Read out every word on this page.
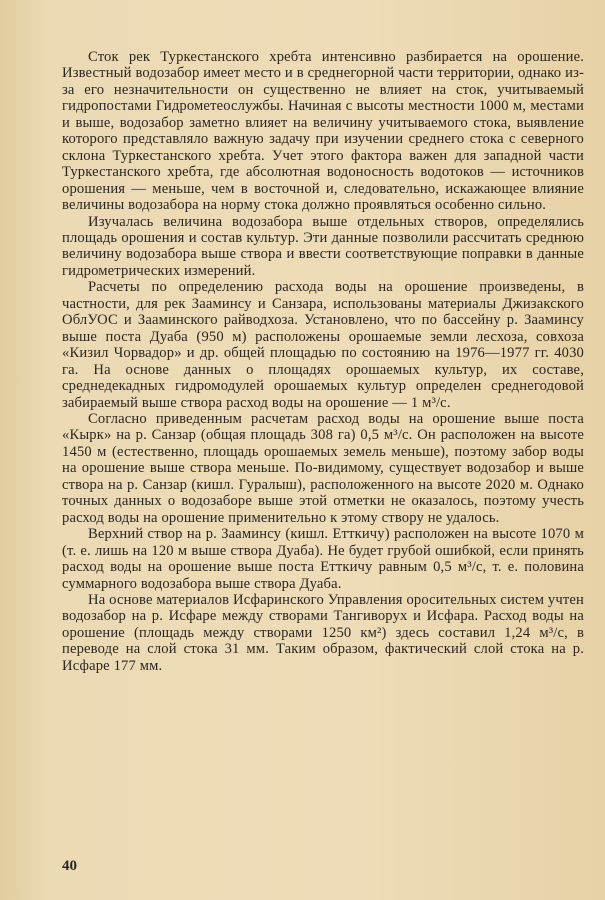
Сток рек Туркестанского хребта интенсивно разбирается на орошение. Известный водозабор имеет место и в среднегорной части территории, однако из-за его незначительности он существенно не влияет на сток, учитываемый гидропостами Гидрометеослужбы. Начиная с высоты местности 1000 м, местами и выше, водозабор заметно влияет на величину учитываемого стока, выявление которого представляло важную задачу при изучении среднего стока с северного склона Туркестанского хребта. Учет этого фактора важен для западной части Туркестанского хребта, где абсолютная водоносность водотоков — источников орошения — меньше, чем в восточной и, следовательно, искажающее влияние величины водозабора на норму стока должно проявляться особенно сильно.

Изучалась величина водозабора выше отдельных створов, определялись площадь орошения и состав культур. Эти данные позволили рассчитать среднюю величину водозабора выше створа и ввести соответствующие поправки в данные гидрометрических измерений.

Расчеты по определению расхода воды на орошение произведены, в частности, для рек Зааминсу и Санзара, использованы материалы Джизакского ОблУОС и Зааминского райводхоза. Установлено, что по бассейну р. Зааминсу выше поста Дуаба (950 м) расположены орошаемые земли лесхоза, совхоза «Кизил Чорвадор» и др. общей площадью по состоянию на 1976—1977 гг. 4030 га. На основе данных о площадях орошаемых культур, их составе, среднедекадных гидромодулей орошаемых культур определен среднегодовой забираемый выше створа расход воды на орошение — 1 м³/с.

Согласно приведенным расчетам расход воды на орошение выше поста «Кырк» на р. Санзар (общая площадь 308 га) 0,5 м³/с. Он расположен на высоте 1450 м (естественно, площадь орошаемых земель меньше), поэтому забор воды на орошение выше створа меньше. По-видимому, существует водозабор и выше створа на р. Санзар (кишл. Гуралыш), расположенного на высоте 2020 м. Однако точных данных о водозаборе выше этой отметки не оказалось, поэтому учесть расход воды на орошение применительно к этому створу не удалось.

Верхний створ на р. Зааминсу (кишл. Етткичу) расположен на высоте 1070 м (т. е. лишь на 120 м выше створа Дуаба). Не будет грубой ошибкой, если принять расход воды на орошение выше поста Етткичу равным 0,5 м³/с, т. е. половина суммарного водозабора выше створа Дуаба.

На основе материалов Исфаринского Управления оросительных систем учтен водозабор на р. Исфаре между створами Тангиворух и Исфара. Расход воды на орошение (площадь между створами 1250 км²) здесь составил 1,24 м³/с, в переводе на слой стока 31 мм. Таким образом, фактический слой стока на р. Исфаре 177 мм.

40
